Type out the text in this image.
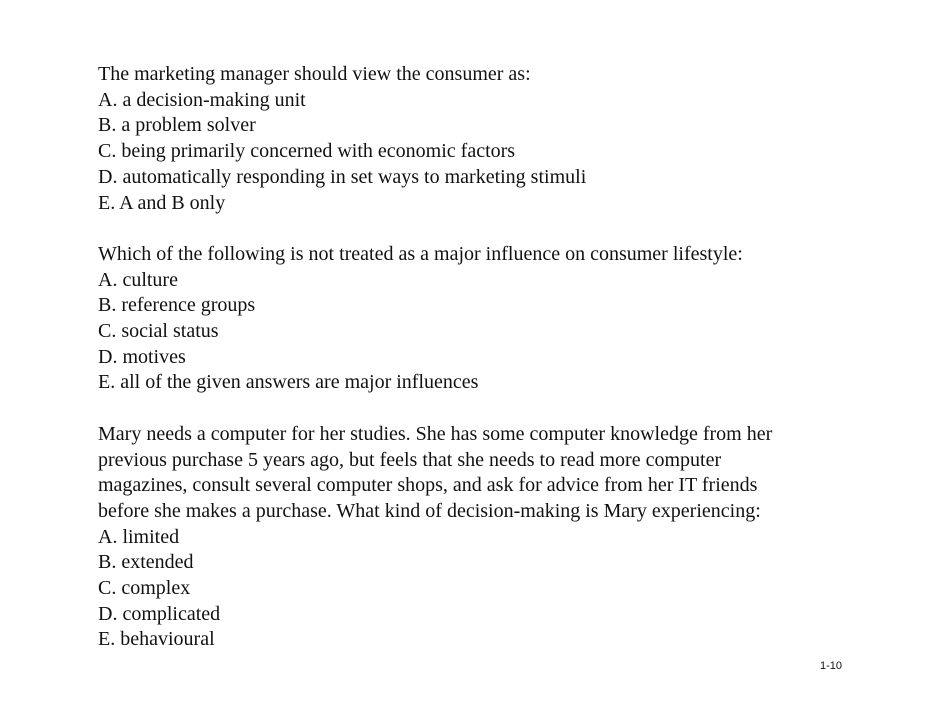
The marketing manager should view the consumer as:
A. a decision-making unit
B. a problem solver
C. being primarily concerned with economic factors
D. automatically responding in set ways to marketing stimuli
E. A and B only
Which of the following is not treated as a major influence on consumer lifestyle:
A. culture
B. reference groups
C. social status
D. motives
E. all of the given answers are major influences
Mary needs a computer for her studies. She has some computer knowledge from her
previous purchase 5 years ago, but feels that she needs to read more computer
magazines, consult several computer shops, and ask for advice from her IT friends
before she makes a purchase. What kind of decision-making is Mary experiencing:
A. limited
B. extended
C. complex
D. complicated
E. behavioural
1-10
